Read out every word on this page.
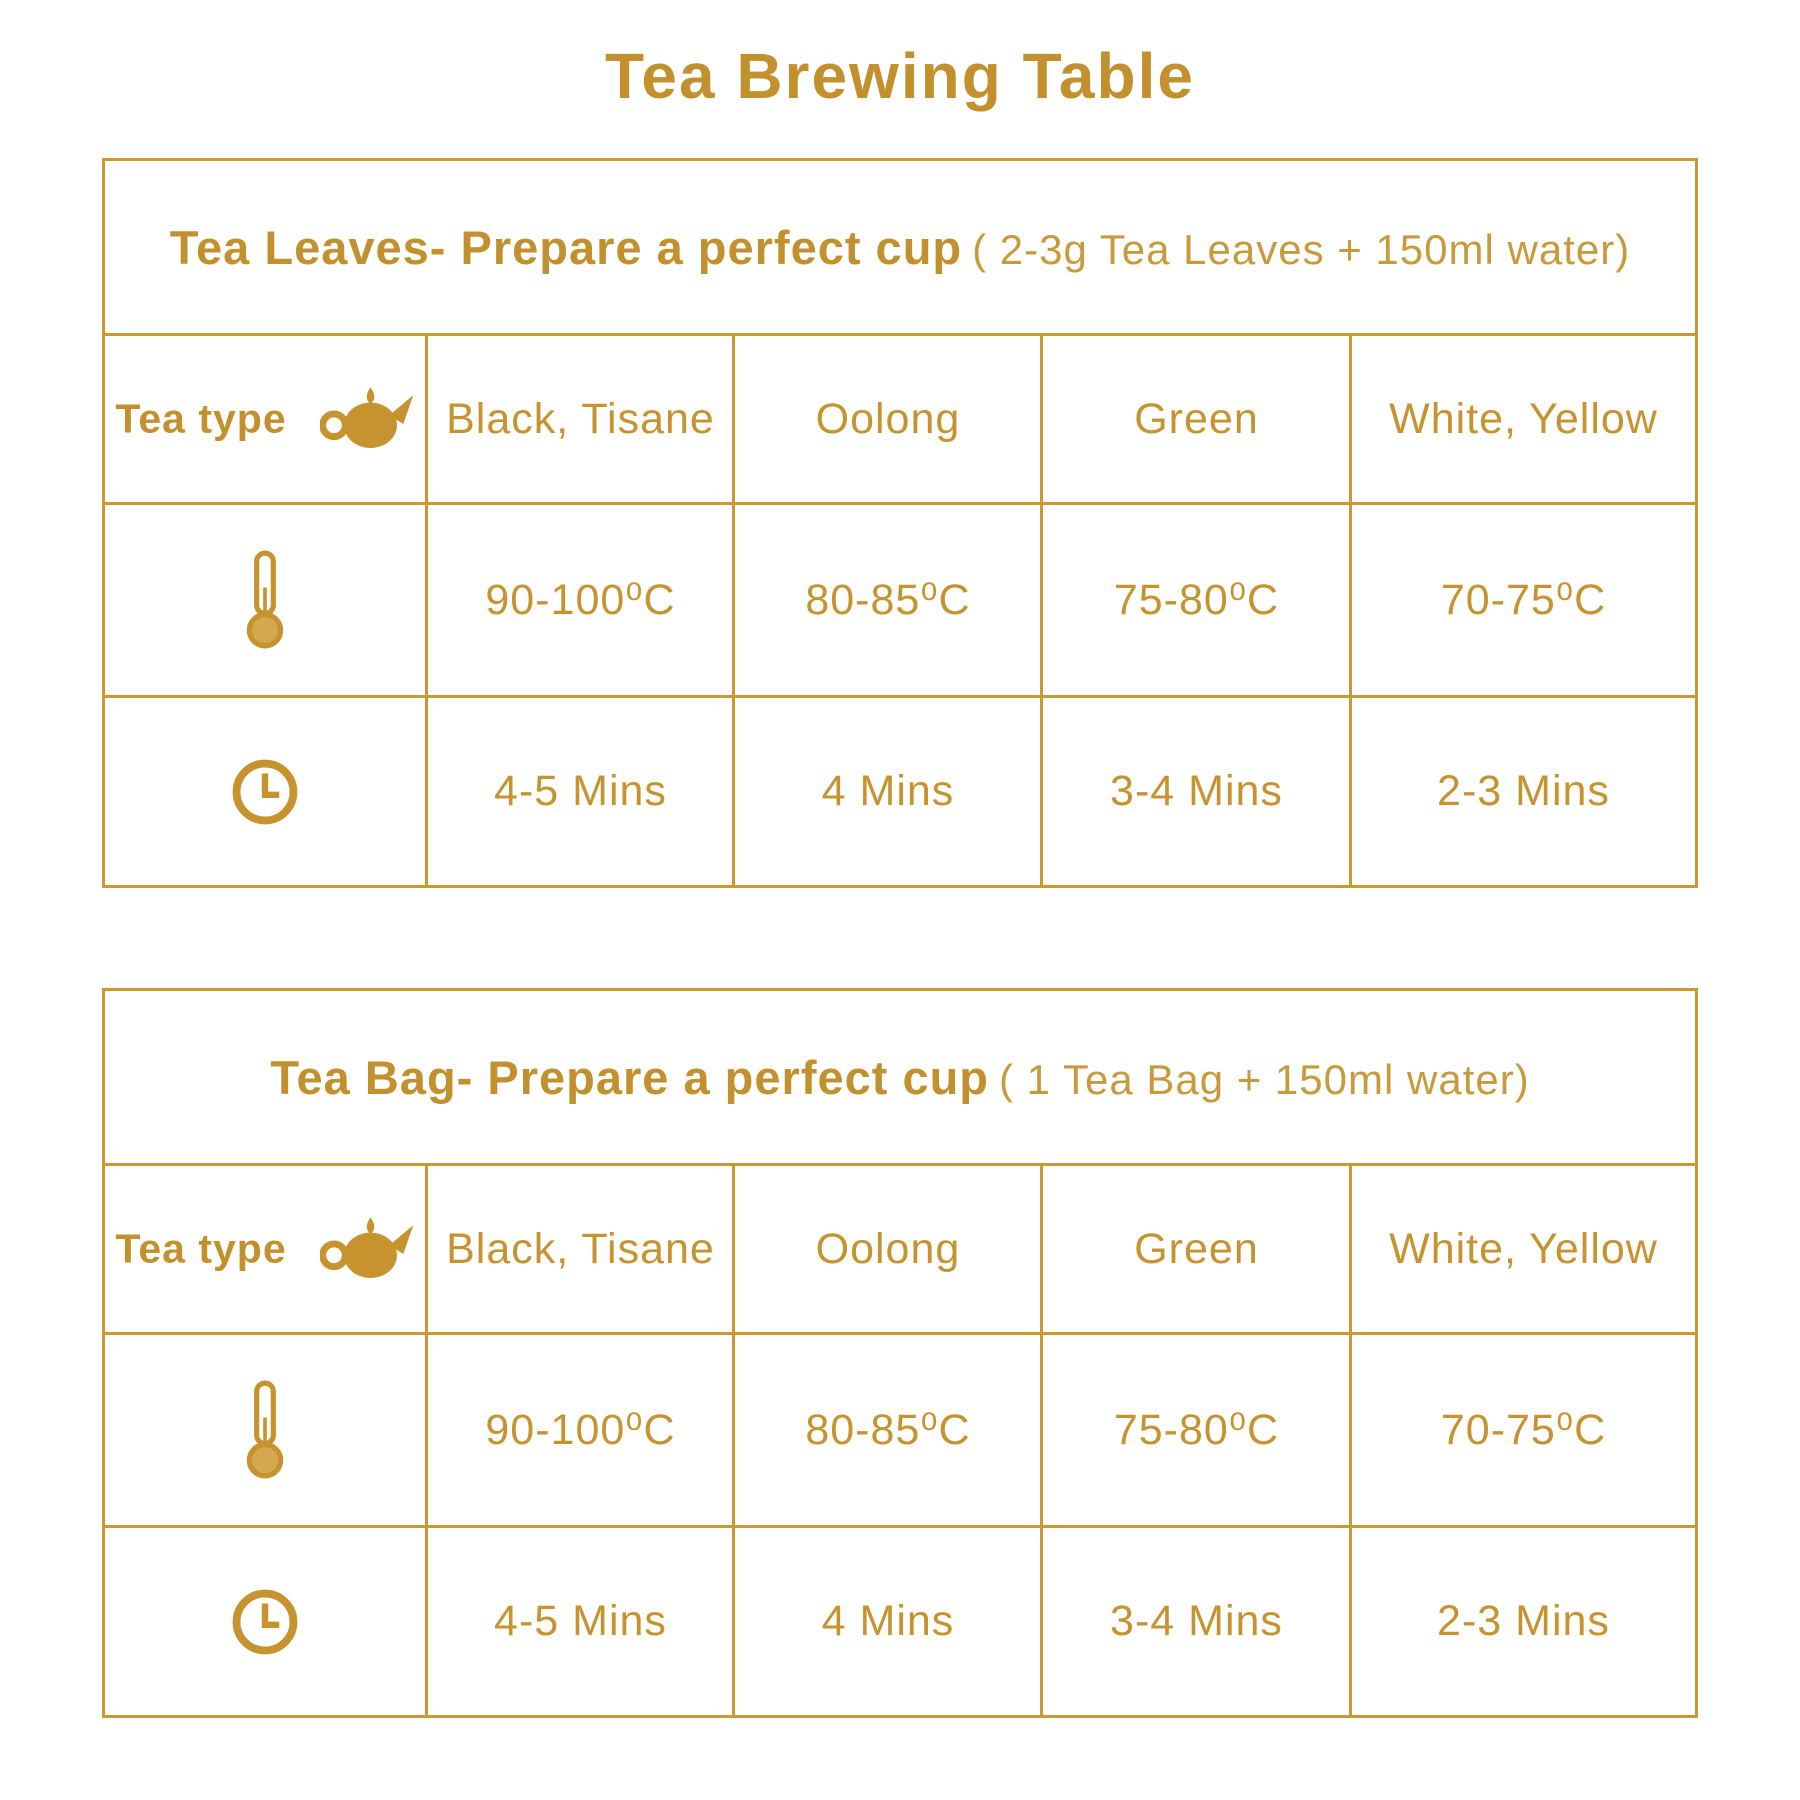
Tea Brewing Table
Tea Leaves- Prepare a perfect cup ( 2-3g Tea Leaves + 150ml water)				
Tea type	Black, Tisane	Oolong	Green	White, Yellow
	90-100⁰C	80-85⁰C	75-80⁰C	70-75⁰C
	4-5 Mins	4 Mins	3-4 Mins	2-3 Mins
Tea Bag- Prepare a perfect cup ( 1 Tea Bag + 150ml water)				
Tea type	Black, Tisane	Oolong	Green	White, Yellow
	90-100⁰C	80-85⁰C	75-80⁰C	70-75⁰C
	4-5 Mins	4 Mins	3-4 Mins	2-3 Mins
